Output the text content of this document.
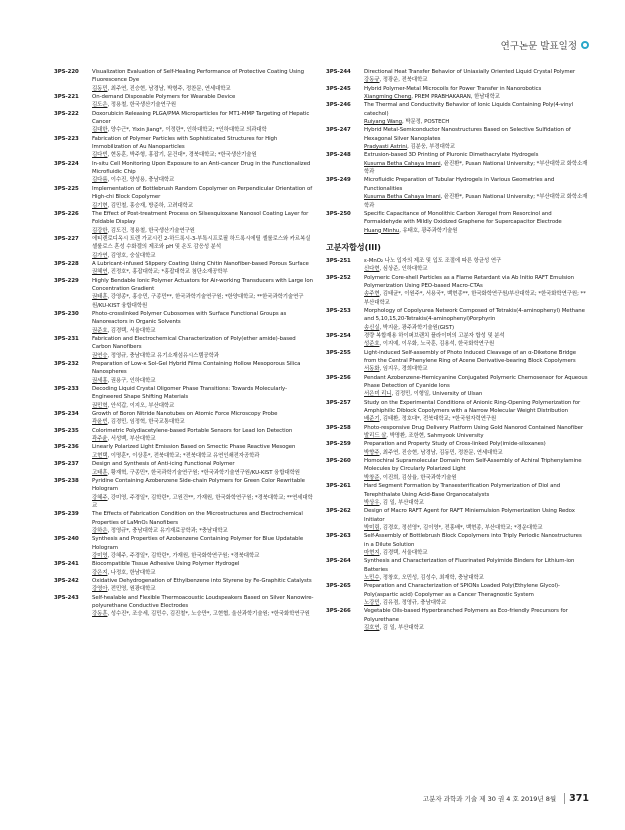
연구논문 발표일정
3PS-220	Visualization Evaluation of Self-Healing Performance of Protective Coating Using Fluorescence Dye
김동민, 최주연, 진승현, 남경남, 박형주, 정찬문, 연세대학교
3PS-221	On-demand Disposable Polymers for Wearable Device
김도은, 정용철, 한국생산기술연구원
3PS-222	Doxorubicin Releasing PLGA/PMA Microparticles for MT1-MMP Targeting of Hepatic Cancer
김대한, 양수근*, Yixin Jiang*, 이정란*, 인하대학교; *인하대학교 의과대학
3PS-223	Fabrication of Polymer Particles with Sophisticated Structures for High Immobilization of Au Nanoparticles
김다빈, 현동훈, 박주형, 홍잡기, 문건대*, 경북대학교; *한국생산기술원
3PS-224	In-situ Cell Monitoring Upon Exposure to an Anti-cancer Drug in the Functionalized Microfluidic Chip
김다름, 이수진, 양성용, 충남대학교
3PS-225	Implementation of Bottlebrush Random Copolymer on Perpendicular Orientation of High-chi Block Copolymer
김기현, 김민철, 홍승재, 방준하, 고려대학교
3PS-226	The Effect of Post-treatment Process on Silsesquioxane Nanosol Coating Layer for Foldable Display
김강한, 김도건, 정용철, 한국생산기술연구원
3PS-227	에티렌로디옥시 트렌 가교시킨 2-하드록시-3-부톡시프로필 하드록시에틸 셀룰로스와 카르복실 셀룰로스 혼성 수화겔의 제조와 pH 및 온도 감응성 분석
김가연, 김영호, 숭실대학교
3PS-228	A Lubricant-infused Slippery Coating Using Chitin Nanofiber-based Porous Surface
권혜연, 진정호*, 홍잡대학교; *홍잡대학교 첨단소재공학부
3PS-229	Highly Bendable Ionic Polymer Actuators for Air-working Transducers with Large Ion Concentration Gradient
권태훈, 강영종*, 홍승민, 구종민**, 한국과학기술연구원; *한양대학교; **한국과학기술연구원/KU-KIST 융합대학원
3PS-230	Photo-crosslinked Polymer Cubosomes with Surface Functional Groups as Nanoreactors in Organic Solvents
권준호, 김경택, 서울대학교
3PS-231	Fabrication and Electrochemical Characterization of Poly(ether amide)-based Carbon Nanofibers
권연승, 정영규, 충남대학교 유기소재섬유시스템공학과
3PS-232	Preparation of Low-κ Sol-Gel Hybrid Films Containing Hollow Mesoporous Silica Nanospheres
권세홍, 권용구, 인하대학교
3PS-233	Decoding Liquid Crystal Oligomer Phase Transitions: Towards Molecularly-Engineered Shape Shifting Materials
권민혁, 안석갑, 이지오, 부산대학교
3PS-234	Growth of Boron Nitride Nanotubes on Atomic Force Microscopy Probe
곽윤빈, 김경민, 임정혁, 한국교통대학교
3PS-235	Colorimetric Polydiacetylene-based Portable Sensors for Lead Ion Detection
곽주윤, 서성백, 부산대학교
3PS-236	Linearly Polarized Light Emission Based on Smectic Phase Reactive Mesogen
고현택, 이명훈*, 이상훈*, 전북대학교; *전북대학교 유연인쇄전자공학과
3PS-237	Design and Synthesis of Anti-icing Functional Polymer
고태훈, 황재혁, 구종민*, 한국과학기술연구원; *한국과학기술연구원/KU-KIST 융합대학원
3PS-238	Pyridine Containing Azobenzene Side-chain Polymers for Green Color Rewritable Hologram
강혜주, 강미영, 주경일*, 김학린*, 고원건**, 가재원, 한국화학연구원; *경북대학교; **연세대학교
3PS-239	The Effects of Fabrication Condition on the Microstructures and Electrochemical Properties of LaMnO₃ Nanofibers
강하은, 정영규*, 충남대학교 유기재료공학과; *충남대학교
3PS-240	Synthesis and Properties of Azobenzene Containing Polymer for Blue Updatable Hologram
강미영, 강혜주, 주경일*, 김학린*, 가재원, 한국화학연구원; *경북대학교
3PS-241	Biocompatible Tissue Adhesive Using Polymer Hydrogel
강은지, 나정호, 한남대학교
3PS-242	Oxidative Dehydrogenation of Ethylbenzene into Styrene by Fe-Graphitic Catalysts
강영아, 전민영, 원광대학교
3PS-243	Self-healable and Flexible Thermoacoustic Loudspeakers Based on Silver Nanowire-polyurethane Conductive Electrodes
강동훈, 성수진*, 조승세, 김민수, 김진철*, 노승만*, 고현협, 울산과학기술원; *한국화학연구원
3PS-244	Directional Heat Transfer Behavior of Uniaxially Oriented Liquid Crystal Polymer
강동규, 정광운, 전북대학교
3PS-245	Hybrid Polymer-Metal Microcoils for Power Transfer in Nanorobotics
Xiangming Cheng, PREM PRABHAKARAN, 한남대학교
3PS-246	The Thermal and Conductivity Behavior of Ionic Liquids Containing Poly(4-vinyl catechol)
Ruiyang Wang, 박문정, POSTECH
3PS-247	Hybrid Metal-Semiconductor Nanostructures Based on Selective Sulfidation of Hexagonal Silver Nanoplates
Pradyasti Astrini, 김분웅, 부경대학교
3PS-248	Extrusion-based 3D Printing of Pluronic Dimethacrylate Hydrogels
Kusuma Betha Cahaya Imani, 윤진환*, Pusan National University; *부산대학교 화학소재학과
3PS-249	Microfluidic Preparation of Tubular Hydrogels in Various Geometries and Functionalities
Kusuma Betha Cahaya Imani, 윤진환*, Pusan National University; *부산대학교 화학소재학과
3PS-250	Specific Capacitance of Monolithic Carbon Xerogel from Resorcinol and Formaldehyde with Mildly Oxidized Graphene for Supercapacitor Electrode
Huang Minhu, 유태호, 광주과학기술원
고분자합성(III)
3PS-251	ε-MnO₂ 나노 입자의 제조 및 입도 조절에 따른 항균성 연구
신다현, 심상준, 인하대학교
3PS-252	Polymeric Core-shell Particles as a Flame Retardant via Ab Initio RAFT Emulsion Polymerization Using PEO-based Macro-CTAs
송주현, 김태균*, 이원주*, 서용국*, 백현종**, 한국화학연구원/부산대학교; *한국화학연구원; **부산대학교
3PS-253	Morphology of Copolyurea Network Composed of Tetrakis(4-aminophenyl) Methane and 5,10,15,20-Tetrakis(4-aminophenyl)Porphyrin
송신실, 박지윤, 광주과학기술원(GIST)
3PS-254	경량 복합재용 하이퍼브랜치 플라이머의 고분자 합성 및 분석
성준호, 이지예, 이우화, 노국훈, 김용석, 한국화학연구원
3PS-255	Light-induced Self-assembly of Photo Induced Cleavage of an α-Diketone Bridge from the Central Phenylene Ring of Acene Derivative-bearing Block Copolymers
서동화, 임지우, 경희대학교
3PS-256	Pendant Azobenzene-Hemicyanine Conjugated Polymeric Chemosensor for Aqueous Phase Detection of Cyanide Ions
서은미 리니, 김정민, 이형일, University of Ulsan
3PS-257	Study on the Experimental Conditions of Anionic Ring-Opening Polymerization for Amphiphilic Diblock Copolymers with a Narrow Molecular Weight Distribution
배준기, 김태환, 정호대*, 전북대학교; *한국원자력연구원
3PS-258	Photo-responsive Drug Delivery Platform Using Gold Nanorod Contained Nanofiber
발리드 살, 박명환, 조한현, Sahmyook University
3PS-259	Preparation and Property Study of Cross-linked Poly(imide-siloxanes)
박향주, 최주연, 진승현, 남경남, 김동민, 정찬문, 연세대학교
3PS-260	Homochiral Supramolecular Domain from Self-Assembly of Achiral Triphenylamine Molecules by Circularly Polarized Light
박창준, 이진희, 김상율, 한국과학기술원
3PS-261	Hard Segment Formation by Transesterification Polymerization of Diol and Terephthalate Using Acid-Base Organocatalysts
박상우, 김 일, 부산대학교
3PS-262	Design of Macro RAFT Agent for RAFT Miniemulsion Polymerization Using Redox Initiator
박미림, 김경호, 정선영*, 김이영*, 전홍배*, 백현종, 부산대학교; *경운대학교
3PS-263	Self-Assembly of Bottlebrush Block Copolymers into Triply Periodic Nanostructures in a Dilute Solution
마현지, 김경택, 서울대학교
3PS-264	Synthesis and Characterization of Fluorinated Polyimide Binders for Lithium-ion Batteries
노민수, 정창호, 오민성, 김성수, 최재학, 충남대학교
3PS-265	Preparation and Characterization of SPIONs Loaded Poly(Ethylene Glycol)-Poly(aspartic acid) Copolymer as a Cancer Theragnostic System
노강민, 김유겸, 정영규, 충남대학교
3PS-266	Vegetable Oils-based Hyperbranched Polymers as Eco-friendly Precursors for Polyurethane
김호연, 김 일, 부산대학교
고분자 과학과 기술 제 30 권 4 호 2019년 8월	371
